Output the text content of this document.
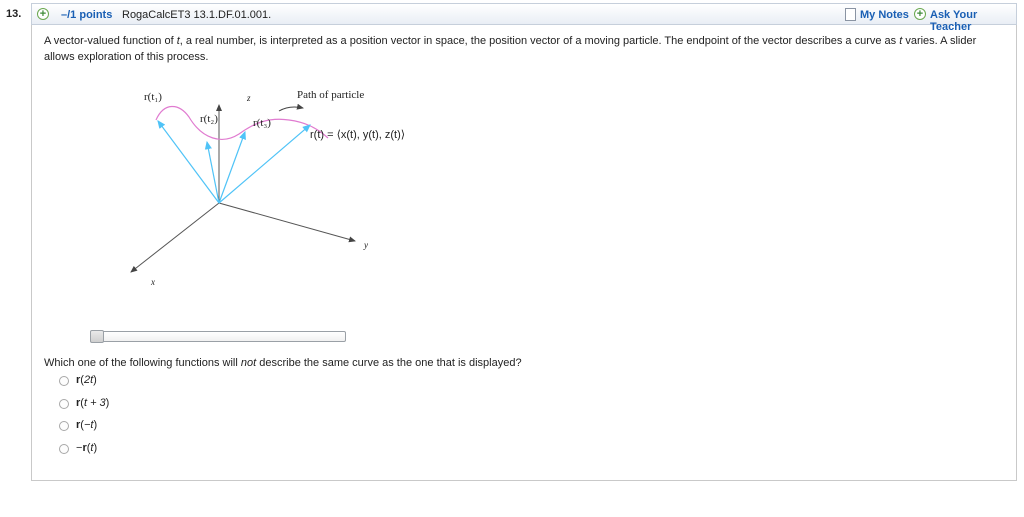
13. + –/1 points RogaCalcET3 13.1.DF.01.001.	My Notes + Ask Your Teacher

A vector-valued function of t, a real number, is interpreted as a position vector in space, the position vector of a moving particle. The endpoint of the vector describes a curve as t varies. A slider allows exploration of this process.

r(t₁)
r(t₂)	r(t₃)
z
y
x
Path of particle
r(t) = ⟨x(t), y(t), z(t)⟩

Which one of the following functions will not describe the same curve as the one that is displayed?

r(2t)
r(t + 3)
r(−t)
−r(t)
